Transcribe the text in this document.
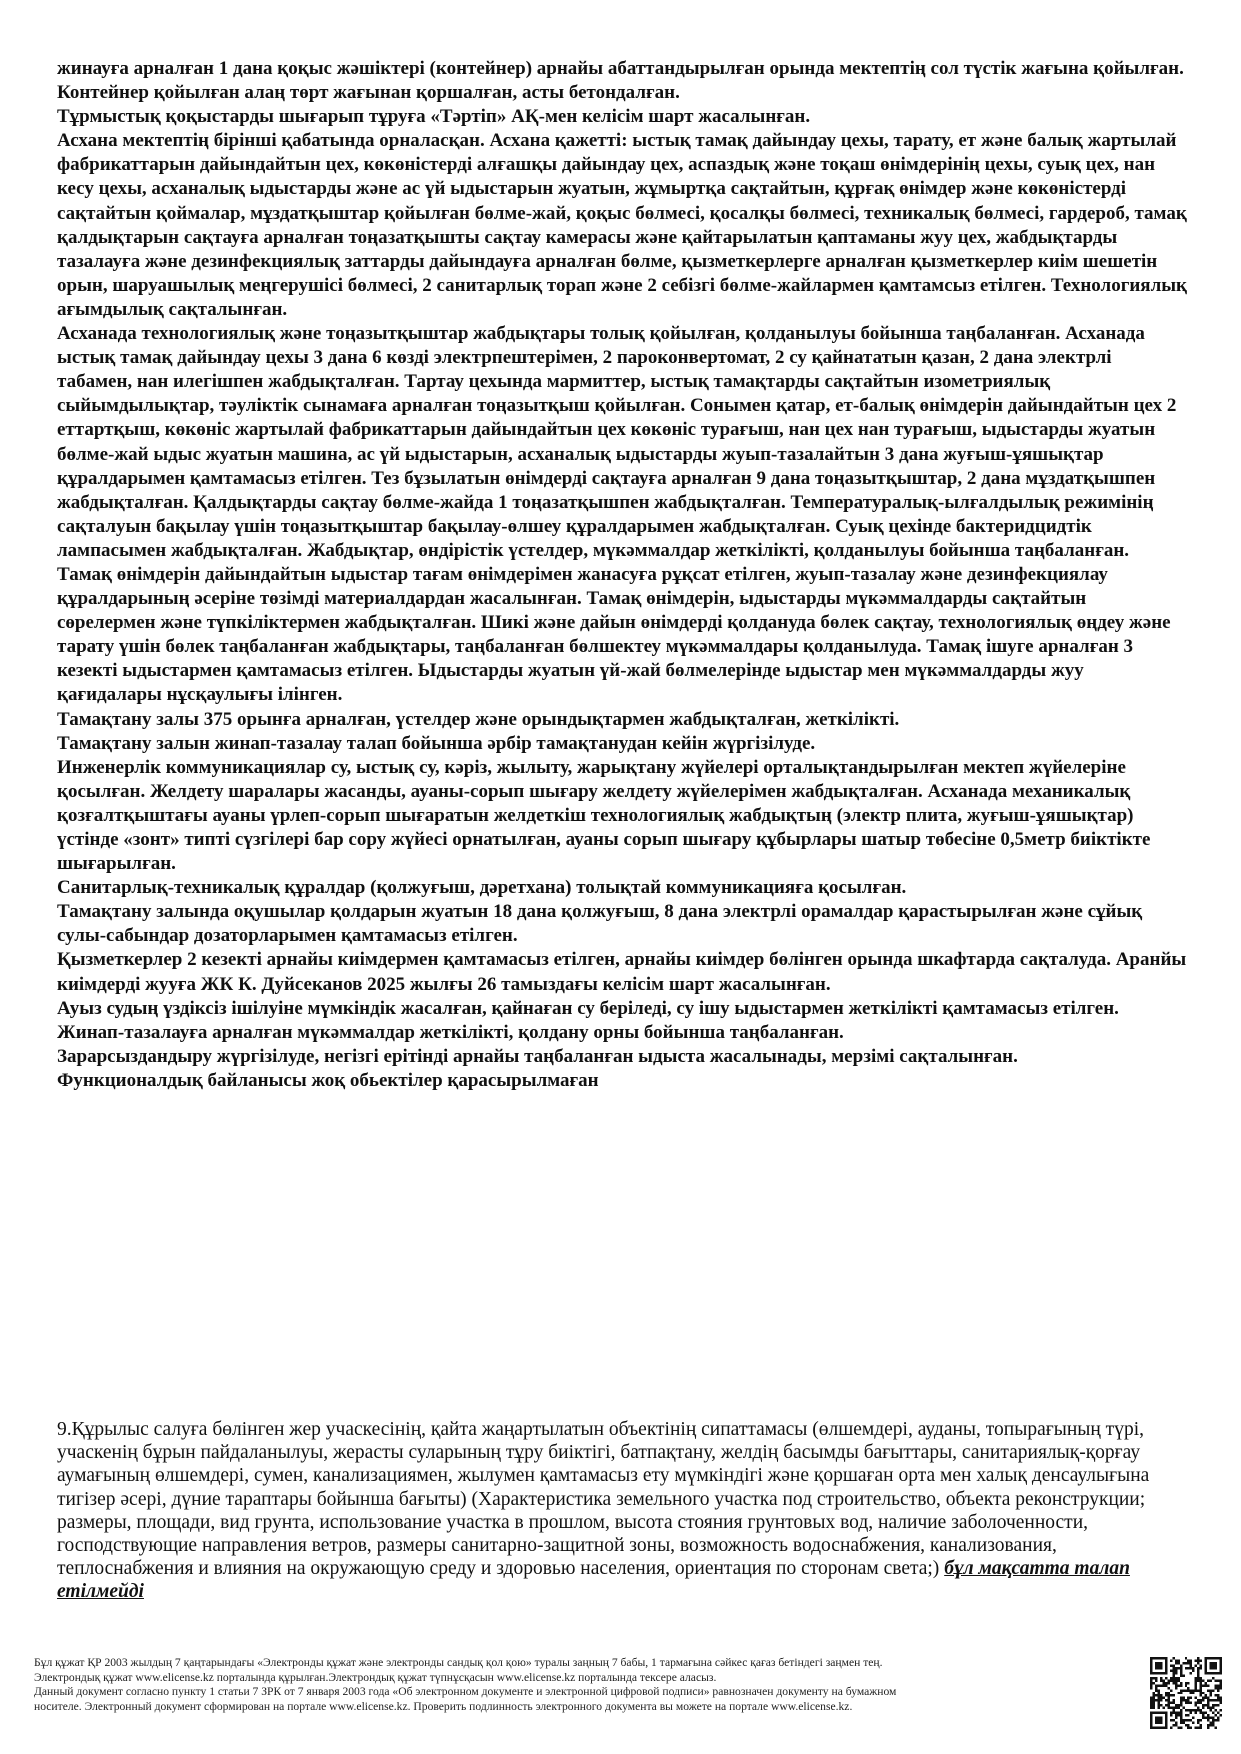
жинауға арналған 1 дана қоқыс жәшіктері (контейнер) арнайы абаттандырылған орында мектептің сол түстік жағына қойылған. Контейнер қойылған алаң төрт жағынан қоршалған, асты бетондалған.

Тұрмыстық қоқыстарды шығарып тұруға «Тәртіп» АҚ-мен келісім шарт жасалынған.

Асхана мектептің бірінші қабатында орналасқан. Асхана қажетті: ыстық тамақ дайындау цехы, тарату, ет және балық жартылай фабрикаттарын дайындайтын цех, көкөністерді алғашқы дайындау цех, аспаздық және тоқаш өнімдерінің цехы, суық цех, нан кесу цехы, асханалық ыдыстарды және ас үй ыдыстарын жуатын, жұмыртқа сақтайтын, құрғақ өнімдер және көкөністерді сақтайтын қоймалар, мұздатқыштар қойылған бөлме-жай, қоқыс бөлмесі, қосалқы бөлмесі, техникалық бөлмесі, гардероб, тамақ қалдықтарын сақтауға арналған тоңазатқышты сақтау камерасы және қайтарылатын қаптаманы жуу цех, жабдықтарды тазалауға және дезинфекциялық заттарды дайындауға арналған бөлме, қызметкерлерге арналған қызметкерлер киім шешетін орын, шаруашылық меңгерушісі бөлмесі, 2 санитарлық торап және 2 себізгі бөлме-жайлармен қамтамсыз етілген. Технологиялық ағымдылық сақталынған.

Асханада технологиялық және тоңазытқыштар жабдықтары толық қойылған, қолданылуы бойынша таңбаланған. Асханада ыстық тамақ дайындау цехы 3 дана 6 көзді электрпештерімен, 2 пароконвертомат, 2 су қайнататын қазан, 2 дана электрлі табамен, нан илегішпен жабдықталған. Тартау цехында мармиттер, ыстық тамақтарды сақтайтын изометриялық сыйымдылықтар, тәуліктік сынамаға арналған тоңазытқыш қойылған. Сонымен қатар, ет-балық өнімдерін дайындайтын цех 2 еттартқыш, көкөніс жартылай фабрикаттарын дайындайтын цех көкөніс турағыш, нан цех нан турағыш, ыдыстарды жуатын бөлме-жай ыдыс жуатын машина, ас үй ыдыстарын, асханалық ыдыстарды жуып-тазалайтын 3 дана жуғыш-ұяшықтар құралдарымен қамтамасыз етілген. Тез бұзылатын өнімдерді сақтауға арналған 9 дана тоңазытқыштар, 2 дана мұздатқышпен жабдықталған. Қалдықтарды сақтау бөлме-жайда 1 тоңазатқышпен жабдықталған. Температуралық-ылғалдылық режимінің сақталуын бақылау үшін тоңазытқыштар бақылау-өлшеу құралдарымен жабдықталған. Суық цехінде бактеридцидтік лампасымен жабдықталған. Жабдықтар, өндірістік үстелдер, мүкәммалдар жеткілікті, қолданылуы бойынша таңбаланған. Тамақ өнімдерін дайындайтын ыдыстар тағам өнімдерімен жанасуға рұқсат етілген, жуып-тазалау және дезинфекциялау құралдарының әсеріне төзімді материалдардан жасалынған. Тамақ өнімдерін, ыдыстарды мүкәммалдарды сақтайтын сөрелермен және түпкіліктермен жабдықталған. Шикі және дайын өнімдерді қолдануда бөлек сақтау, технологиялық өңдеу және тарату үшін бөлек таңбаланған жабдықтары, таңбаланған бөлшектеу мүкәммалдары қолданылуда. Тамақ ішуге арналған 3 кезекті ыдыстармен қамтамасыз етілген. Ыдыстарды жуатын үй-жай бөлмелерінде ыдыстар мен мүкәммалдарды жуу қағидалары нұсқаулығы ілінген.

Тамақтану залы 375 орынға арналған, үстелдер және орындықтармен жабдықталған, жеткілікті.

Тамақтану залын жинап-тазалау талап бойынша әрбір тамақтанудан кейін жүргізілуде.

Инженерлік коммуникациялар су, ыстық су, кәріз, жылыту, жарықтану жүйелері орталықтандырылған мектеп жүйелеріне қосылған. Желдету шаралары жасанды, ауаны-сорып шығару желдету жүйелерімен жабдықталған. Асханада механикалық қозғалтқыштағы ауаны үрлеп-сорып шығаратын желдеткіш технологиялық жабдықтың (электр плита, жуғыш-ұяшықтар) үстінде «зонт» типті сүзгілері бар сору жүйесі орнатылған, ауаны сорып шығару құбырлары шатыр төбесіне 0,5метр биіктікте шығарылған.

Санитарлық-техникалық құралдар (қолжуғыш, дәретхана) толықтай коммуникацияға қосылған.

Тамақтану залында оқушылар қолдарын жуатын 18 дана қолжуғыш, 8 дана электрлі орамалдар қарастырылған және сұйық сулы-сабындар дозаторларымен қамтамасыз етілген.

Қызметкерлер 2 кезекті арнайы киімдермен қамтамасыз етілген, арнайы киімдер бөлінген орында шкафтарда сақталуда. Аранйы киімдерді жууға ЖК К. Дуйсеканов 2025 жылғы 26 тамыздағы келісім шарт жасалынған.

Ауыз судың үздіксіз ішілуіне мүмкіндік жасалған, қайнаған су беріледі, су ішу ыдыстармен жеткілікті қамтамасыз етілген.

Жинап-тазалауға арналған мүкәммалдар жеткілікті, қолдану орны бойынша таңбаланған.

Зарарсыздандыру жүргізілуде, негізгі ерітінді арнайы таңбаланған ыдыста жасалынады, мерзімі сақталынған.

Функционалдық байланысы жоқ обьектілер қарасырылмаған

9.Құрылыс салуға бөлінген жер учаскесінің, қайта жаңартылатын объектінің сипаттамасы (өлшемдері, ауданы, топырағының түрі, учаскенің бұрын пайдаланылуы, жерасты суларының тұру биіктігі, батпақтану, желдің басымды бағыттары, санитариялық-қорғау аумағының өлшемдері, сумен, канализациямен, жылумен қамтамасыз ету мүмкіндігі және қоршаған орта мен халық денсаулығына тигізер әсері, дүние тараптары бойынша бағыты) (Характеристика земельного участка под строительство, объекта реконструкции; размеры, площади, вид грунта, использование участка в прошлом, высота стояния грунтовых вод, наличие заболоченности, господствующие направления ветров, размеры санитарно-защитной зоны, возможность водоснабжения, канализования, теплоснабжения и влияния на окружающую среду и здоровью населения, ориентация по сторонам света;) бұл мақсатта талап етілмейді

Бұл құжат ҚР 2003 жылдың 7 қаңтарындағы «Электронды құжат және электронды сандық қол қою» туралы заңның 7 бабы, 1 тармағына сәйкес қағаз бетіндегі заңмен тең.

Электрондық құжат www.elicense.kz порталында құрылған.Электрондық құжат түпнұсқасын www.elicense.kz порталында тексере аласыз.

Данный документ согласно пункту 1 статьи 7 ЗРК от 7 января 2003 года «Об электронном документе и электронной цифровой подписи» равнозначен документу на бумажном

носителе. Электронный документ сформирован на портале www.elicense.kz. Проверить подлинность электронного документа вы можете на портале www.elicense.kz.
